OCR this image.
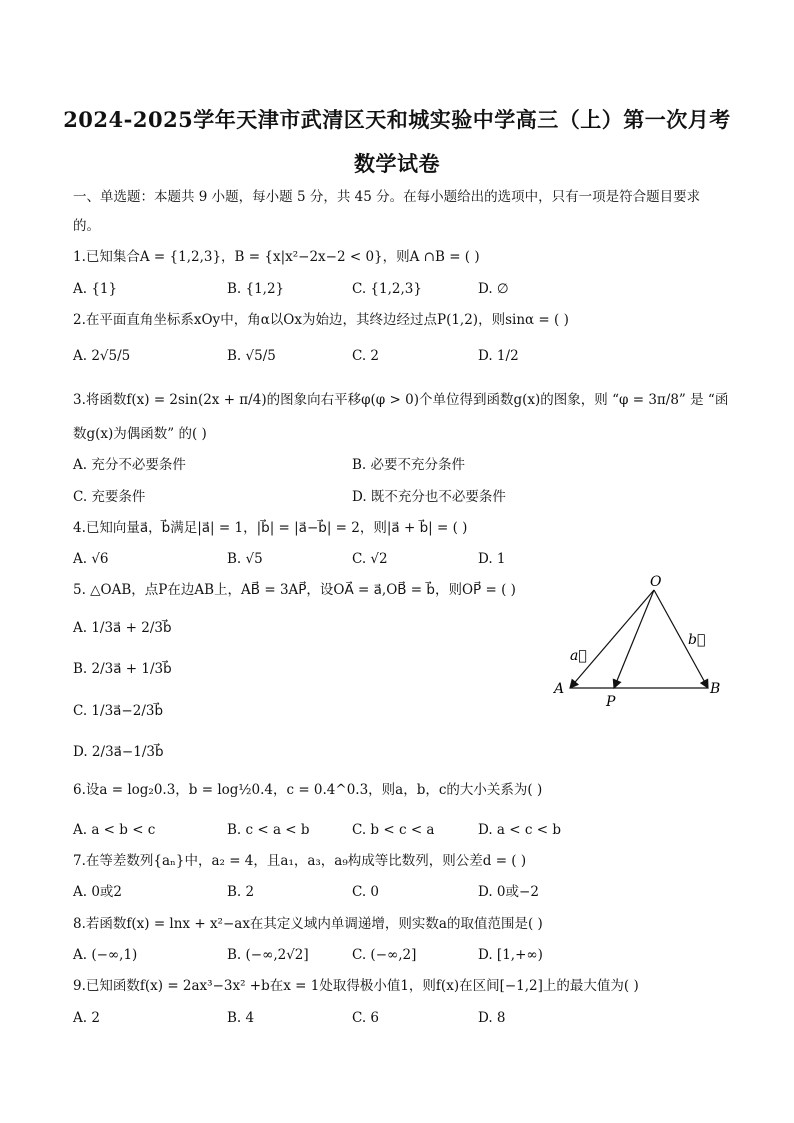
2024-2025学年天津市武清区天和城实验中学高三（上）第一次月考
数学试卷
一、单选题：本题共 9 小题，每小题 5 分，共 45 分。在每小题给出的选项中，只有一项是符合题目要求
的。
1.已知集合A = {1,2,3}，B = {x|x²−2x−2 < 0}，则A ∩B = ( )
A. {1}	B. {1,2}	C. {1,2,3}	D. ∅
2.在平面直角坐标系xOy中，角α以Ox为始边，其终边经过点P(1,2)，则sinα = ( )
A. 2√5/5	B. √5/5	C. 2	D. 1/2
3.将函数f(x) = 2sin(2x + π/4)的图象向右平移φ(φ > 0)个单位得到函数g(x)的图象，则 “φ = 3π/8” 是 “函
数g(x)为偶函数” 的( )
A. 充分不必要条件	B. 必要不充分条件
C. 充要条件	D. 既不充分也不必要条件
4.已知向量a⃗，b⃗满足|a⃗| = 1，|b⃗| = |a⃗−b⃗| = 2，则|a⃗ + b⃗| = ( )
A. √6	B. √5	C. √2	D. 1
5. △OAB，点P在边AB上，AB⃗ = 3AP⃗，设OA⃗ = a⃗,OB⃗ = b⃗，则OP⃗ = ( )
A. 1/3a⃗ + 2/3b⃗
B. 2/3a⃗ + 1/3b⃗
C. 1/3a⃗−2/3b⃗
D. 2/3a⃗−1/3b⃗
O
A	B
P
a⃗
b⃗
6.设a = log₂0.3，b = log½0.4，c = 0.4^0.3，则a，b，c的大小关系为( )
A. a < b < c	B. c < a < b	C. b < c < a	D. a < c < b
7.在等差数列{aₙ}中，a₂ = 4，且a₁，a₃，a₉构成等比数列，则公差d = ( )
A. 0或2	B. 2	C. 0	D. 0或−2
8.若函数f(x) = lnx + x²−ax在其定义域内单调递增，则实数a的取值范围是( )
A. (−∞,1)	B. (−∞,2√2]	C. (−∞,2]	D. [1,+∞)
9.已知函数f(x) = 2ax³−3x² +b在x = 1处取得极小值1，则f(x)在区间[−1,2]上的最大值为( )
A. 2	B. 4	C. 6	D. 8
